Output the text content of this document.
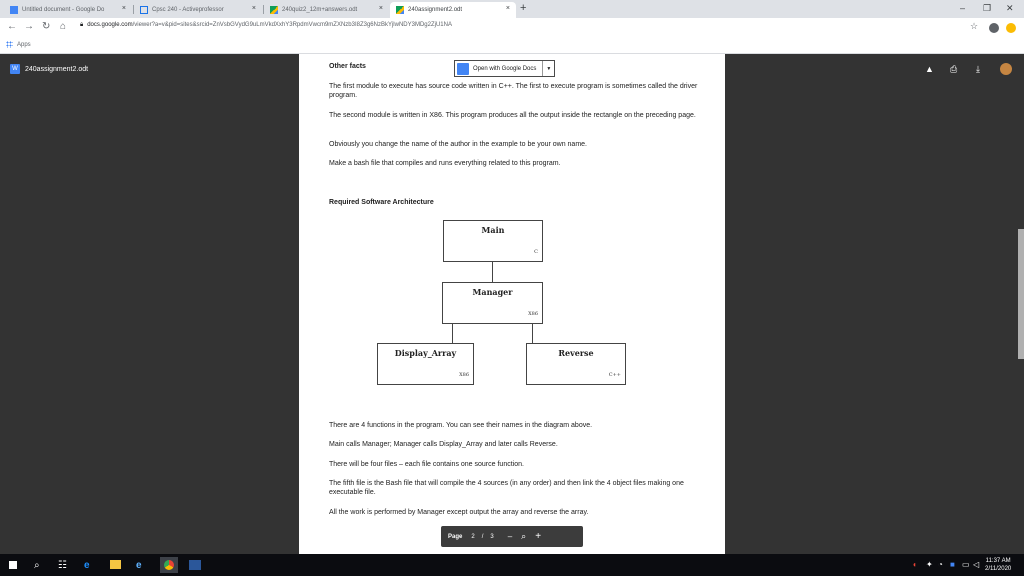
Untitled document - Google Do	×	Cpsc 240 - Activeprofessor	×	240quiz2_12m+answers.odt	×	240assignment2.odt	× +	– ❐ ✕
← → ↻ ⌂ 🔒︎ docs.google.com/viewer?a=v&pid=sites&srcid=ZnVsbGVydG9uLmVkdXxhY3RpdmVwcm9mZXNzb3I8Z3g6NzBkYjlwNDY3MDg2ZjU1NA	☆
Apps
W	240assignment2.odt	▲ ⎙ ⤓
Other facts	Open with Google Docs	▼
The first module to execute has source code written in C++. The first to execute program is sometimes called the driver program.
The second module is written in X86. This program produces all the output inside the rectangle on the preceding page.
Obviously you change the name of the author in the example to be your own name.
Make a bash file that compiles and runs everything related to this program.
Required Software Architecture
Main
C
Manager
X86
Display_Array
X86
Reverse
C++
There are 4 functions in the program. You can see their names in the diagram above.
Main calls Manager; Manager calls Display_Array and later calls Reverse.
There will be four files – each file contains one source function.
The fifth file is the Bash file that will compile the 4 sources (in any order) and then link the 4 object files making one executable file.
All the work is performed by Manager except output the array and reverse the array.
Page 2 / 3 – ⌕ +
⌕ ☷ e	e	◖ ✦ ◔ ■ ▭ ◁ 11:37 AM
2/11/2020
